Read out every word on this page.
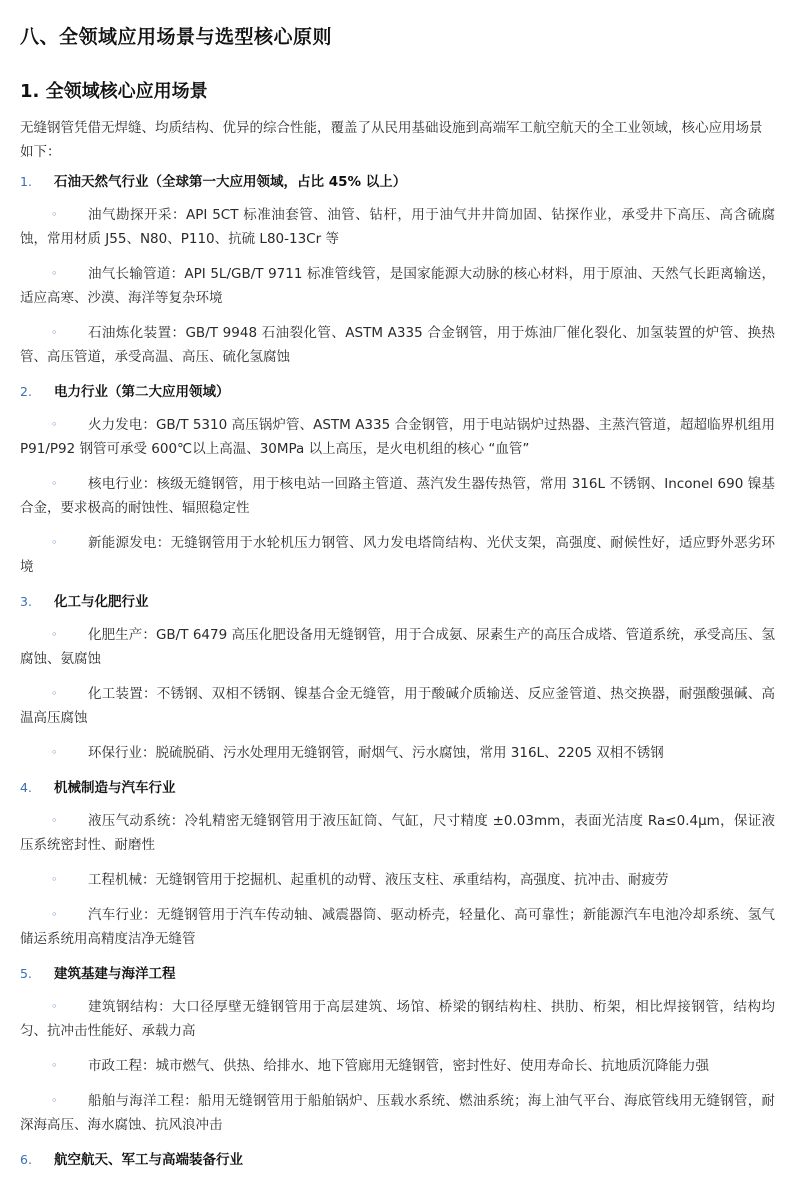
八、全领域应用场景与选型核心原则
1. 全领域核心应用场景

无缝钢管凭借无焊缝、均质结构、优异的综合性能，覆盖了从民用基础设施到高端军工航空航天的全工业领域，核心应用场景如下：

1.	石油天然气行业（全球第一大应用领域，占比 45% 以上）
◦	油气勘探开采：API 5CT 标准油套管、油管、钻杆，用于油气井井筒加固、钻探作业，承受井下高压、高含硫腐蚀，常用材质 J55、N80、P110、抗硫 L80-13Cr 等
◦	油气长输管道：API 5L/GB/T 9711 标准管线管，是国家能源大动脉的核心材料，用于原油、天然气长距离输送，适应高寒、沙漠、海洋等复杂环境
◦	石油炼化装置：GB/T 9948 石油裂化管、ASTM A335 合金钢管，用于炼油厂催化裂化、加氢装置的炉管、换热管、高压管道，承受高温、高压、硫化氢腐蚀
2.	电力行业（第二大应用领域）
◦	火力发电：GB/T 5310 高压锅炉管、ASTM A335 合金钢管，用于电站锅炉过热器、主蒸汽管道，超超临界机组用 P91/P92 钢管可承受 600℃以上高温、30MPa 以上高压，是火电机组的核心 “血管”
◦	核电行业：核级无缝钢管，用于核电站一回路主管道、蒸汽发生器传热管，常用 316L 不锈钢、Inconel 690 镍基合金，要求极高的耐蚀性、辐照稳定性
◦	新能源发电：无缝钢管用于水轮机压力钢管、风力发电塔筒结构、光伏支架，高强度、耐候性好，适应野外恶劣环境
3.	化工与化肥行业
◦	化肥生产：GB/T 6479 高压化肥设备用无缝钢管，用于合成氨、尿素生产的高压合成塔、管道系统，承受高压、氢腐蚀、氨腐蚀
◦	化工装置：不锈钢、双相不锈钢、镍基合金无缝管，用于酸碱介质输送、反应釜管道、热交换器，耐强酸强碱、高温高压腐蚀
◦	环保行业：脱硫脱硝、污水处理用无缝钢管，耐烟气、污水腐蚀，常用 316L、2205 双相不锈钢
4.	机械制造与汽车行业
◦	液压气动系统：冷轧精密无缝钢管用于液压缸筒、气缸，尺寸精度 ±0.03mm，表面光洁度 Ra≤0.4μm，保证液压系统密封性、耐磨性
◦	工程机械：无缝钢管用于挖掘机、起重机的动臂、液压支柱、承重结构，高强度、抗冲击、耐疲劳
◦	汽车行业：无缝钢管用于汽车传动轴、减震器筒、驱动桥壳，轻量化、高可靠性；新能源汽车电池冷却系统、氢气储运系统用高精度洁净无缝管
5.	建筑基建与海洋工程
◦	建筑钢结构：大口径厚壁无缝钢管用于高层建筑、场馆、桥梁的钢结构柱、拱肋、桁架，相比焊接钢管，结构均匀、抗冲击性能好、承载力高
◦	市政工程：城市燃气、供热、给排水、地下管廊用无缝钢管，密封性好、使用寿命长、抗地质沉降能力强
◦	船舶与海洋工程：船用无缝钢管用于船舶锅炉、压载水系统、燃油系统；海上油气平台、海底管线用无缝钢管，耐深海高压、海水腐蚀、抗风浪冲击
6.	航空航天、军工与高端装备行业
